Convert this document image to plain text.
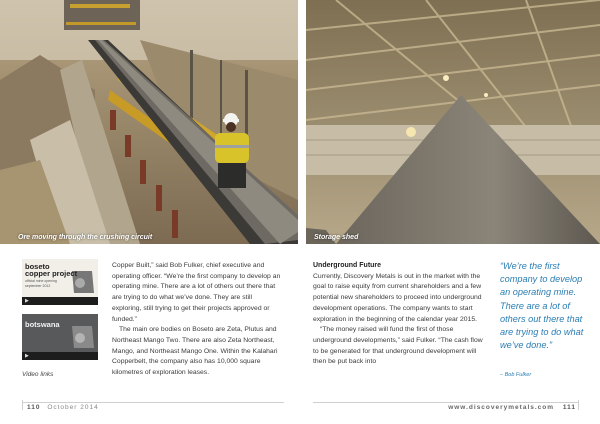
Ore moving through the crushing circuit	Storage shed
boseto
copper project
official mine opening
september 2012
▶
botswana
▶
Video links

Copper Built,” said Bob Fulker, chief executive and operating officer. “We’re the first company to develop an operating mine. There are a lot of others out there that are trying to do what we’ve done. They are still exploring, still trying to get their projects approved or funded.”

The main ore bodies on Boseto are Zeta, Plutus and Northeast Mango Two. There are also Zeta Northeast, Mango, and Northeast Mango One. Within the Kalahari Copperbelt, the company also has 10,000 square kilometres of exploration leases.

Underground Future

Currently, Discovery Metals is out in the market with the goal to raise equity from current shareholders and a few potential new shareholders to proceed into underground development operations. The company wants to start exploration in the beginning of the calendar year 2015.

“The money raised will fund the first of those underground developments,” said Fulker. “The cash flow to be generated for that underground development will then be put back into

“We’re the first company to develop an operating mine. There are a lot of others out there that are trying to do what we’ve done.”
– Bob Fulker
110 October 2014	www.discoverymetals.com 111
